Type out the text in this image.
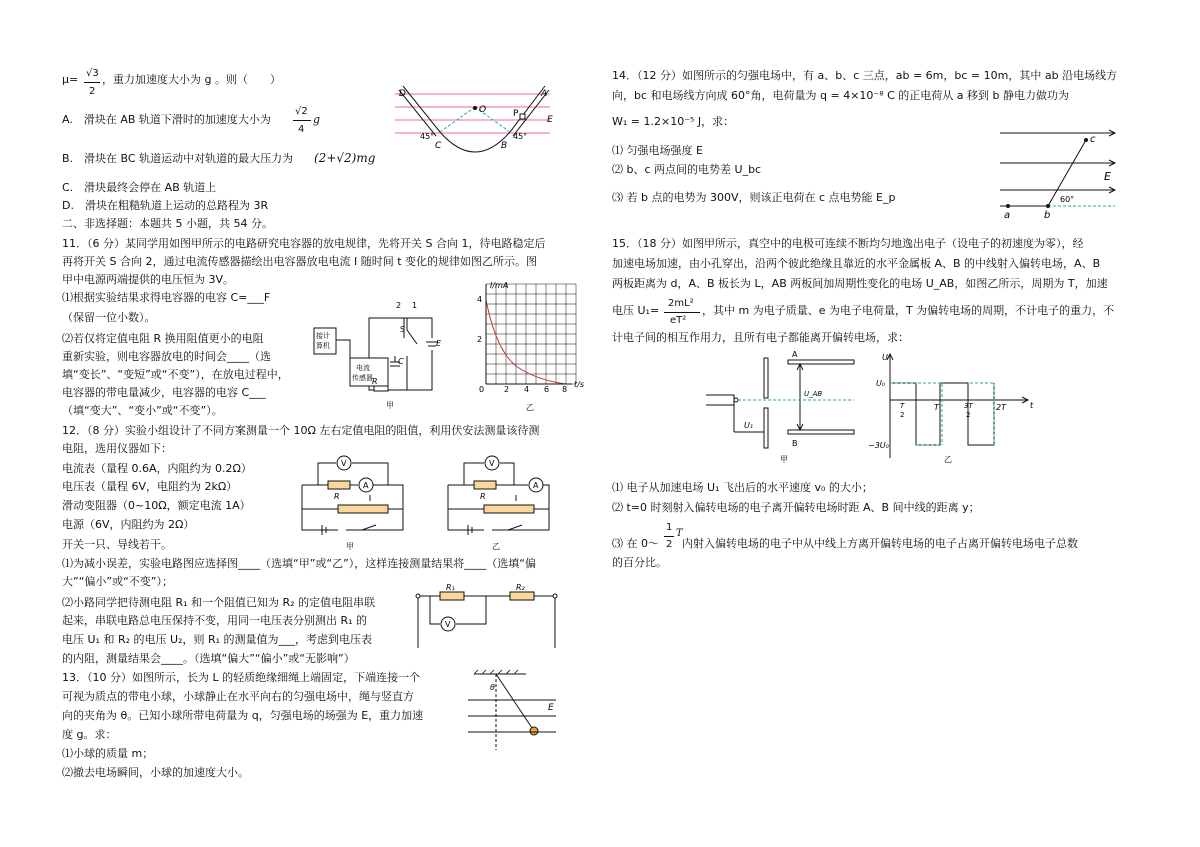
μ= √3
2
，重力加速度大小为 g 。则（　　）
A.　滑块在 AB 轨道下滑时的加速度大小为
√2
4
g
B.　滑块在 BC 轨道运动中对轨道的最大压力为 (2+√2)mg
C.　滑块最终会停在 AB 轨道上
D.　滑块在粗糙轨道上运动的总路程为 3R
二、非选择题：本题共 5 小题，共 54 分。
11．（6 分）某同学用如图甲所示的电路研究电容器的放电规律，先将开关 S 合向 1，待电路稳定后
再将开关 S 合向 2，通过电流传感器描绘出电容器放电电流 I 随时间 t 变化的规律如图乙所示。图
甲中电源两端提供的电压恒为 3V。
⑴根据实验结果求得电容器的电容 C=___F
（保留一位小数）。
⑵若仅将定值电阻 R 换用阻值更小的电阻
重新实验，则电容器放电的时间会____（选
填“变长”、“变短”或“不变”），在放电过程中，
电容器的带电量减少，电容器的电容 C___
（填“变大”、“变小”或“不变”）。
12．（8 分）实验小组设计了不同方案测量一个 10Ω 左右定值电阻的阻值，利用伏安法测量该待测
电阻，选用仪器如下：
电流表（量程 0.6A，内阻约为 0.2Ω）
电压表（量程 6V，电阻约为 2kΩ）
滑动变阻器（0~10Ω，额定电流 1A）
电源（6V，内阻约为 2Ω）
开关一只、导线若干。
⑴为减小误差，实验电路图应选择图____（选填“甲”或“乙”），这样连接测量结果将____（选填“偏
大”“偏小”或“不变”）；
⑵小路同学把待测电阻 R₁ 和一个阻值已知为 R₂ 的定值电阻串联
起来，串联电路总电压保持不变，用同一电压表分别测出 R₁ 的
电压 U₁ 和 R₂ 的电压 U₂，则 R₁ 的测量值为___，考虑到电压表
的内阻，测量结果会____。（选填“偏大”“偏小”或“无影响”）
13．（10 分）如图所示，长为 L 的轻质绝缘细绳上端固定，下端连接一个
可视为质点的带电小球，小球静止在水平向右的匀强电场中，绳与竖直方
向的夹角为 θ。已知小球所带电荷量为 q，匀强电场的场强为 E，重力加速
度 g。求：
⑴小球的质量 m；
⑵撤去电场瞬间，小球的加速度大小。
D	A
O	P
E
C	B
45°	45°
接计
算机
电流
传感器
2 1
S
C
E
R
甲
I/mA
t/s
4
2
0 2 4 6 8
乙
V
A
R
甲
V
A
R
乙
R₁	R₂
V
θ
E
14．（12 分）如图所示的匀强电场中，有 a、b、c 三点，ab = 6m，bc = 10m，其中 ab 沿电场线方
向，bc 和电场线方向成 60°角，电荷量为 q = 4×10⁻⁸ C 的正电荷从 a 移到 b 静电力做功为
W₁ = 1.2×10⁻⁵ J，求：
⑴ 匀强电场强度 E
⑵ b、c 两点间的电势差 U_bc
⑶ 若 b 点的电势为 300V，则该正电荷在 c 点电势能 E_p
15．（18 分）如图甲所示，真空中的电极可连续不断均匀地逸出电子（设电子的初速度为零），经
加速电场加速，由小孔穿出，沿两个彼此绝缘且靠近的水平金属板 A、B 的中线射入偏转电场，A、B
两板距离为 d，A、B 板长为 L，AB 两板间加周期性变化的电场 U_AB，如图乙所示，周期为 T，加速
电压 U₁=
2mL²
eT²
，其中 m 为电子质量、e 为电子电荷量，T 为偏转电场的周期，不计电子的重力，不
计电子间的相互作用力，且所有电子都能离开偏转电场，求：
⑴ 电子从加速电场 U₁ 飞出后的水平速度 v₀ 的大小；
⑵ t=0 时刻射入偏转电场的电子离开偏转电场时距 A、B 间中线的距离 y；
⑶ 在 0～
1
2
T
内射入偏转电场的电子中从中线上方离开偏转电场的电子占离开偏转电场电子总数
的百分比。
c
E
a	b
60°
A
B
U_AB
U₁
甲
U
U₀
−3U₀
t
T
2
T	3T
2
2T
乙
